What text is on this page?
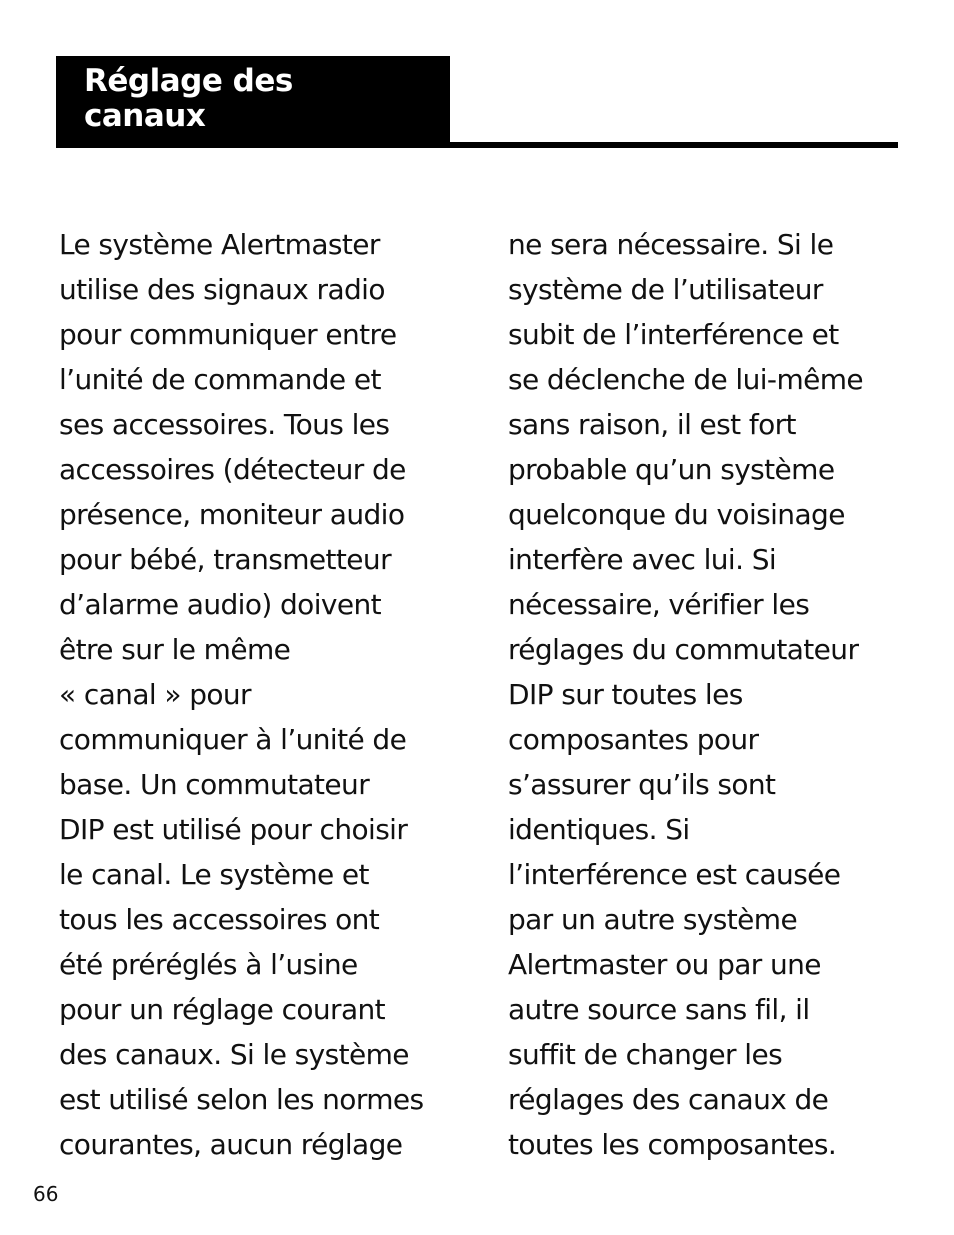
Réglage des
canaux

Le système Alertmaster
utilise des signaux radio
pour communiquer entre
l’unité de commande et
ses accessoires. Tous les
accessoires (détecteur de
présence, moniteur audio
pour bébé, transmetteur
d’alarme audio) doivent
être sur le même
« canal » pour
communiquer à l’unité de
base. Un commutateur
DIP est utilisé pour choisir
le canal. Le système et
tous les accessoires ont
été préréglés à l’usine
pour un réglage courant
des canaux. Si le système
est utilisé selon les normes
courantes, aucun réglage

ne sera nécessaire. Si le
système de l’utilisateur
subit de l’interférence et
se déclenche de lui-même
sans raison, il est fort
probable qu’un système
quelconque du voisinage
interfère avec lui. Si
nécessaire, vérifier les
réglages du commutateur
DIP sur toutes les
composantes pour
s’assurer qu’ils sont
identiques. Si
l’interférence est causée
par un autre système
Alertmaster ou par une
autre source sans fil, il
suffit de changer les
réglages des canaux de
toutes les composantes.

66
